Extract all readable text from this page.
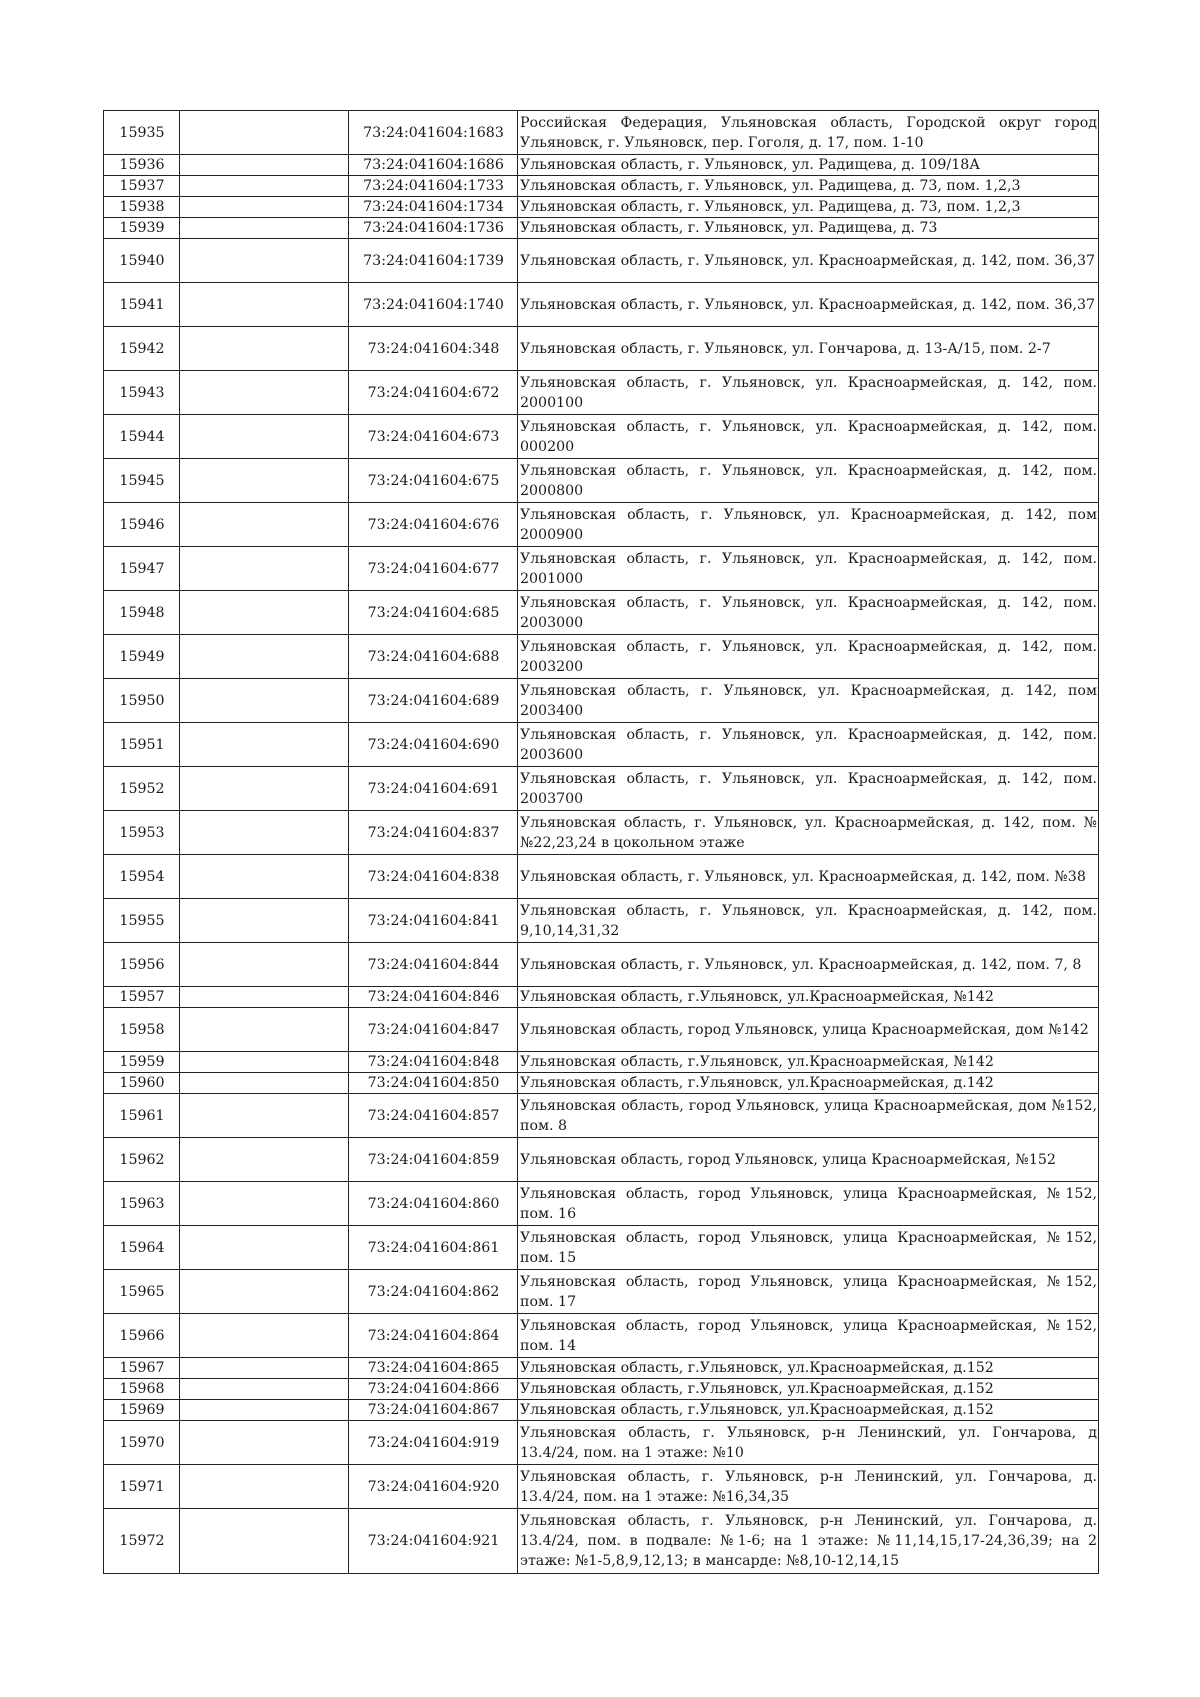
15935		73:24:041604:1683	Российская Федерация, Ульяновская область, Городской округ город Ульяновск, г. Ульяновск, пер. Гоголя, д. 17, пом. 1-10
15936		73:24:041604:1686	Ульяновская область, г. Ульяновск, ул. Радищева, д. 109/18А
15937		73:24:041604:1733	Ульяновская область, г. Ульяновск, ул. Радищева, д. 73, пом. 1,2,3
15938		73:24:041604:1734	Ульяновская область, г. Ульяновск, ул. Радищева, д. 73, пом. 1,2,3
15939		73:24:041604:1736	Ульяновская область, г. Ульяновск, ул. Радищева, д. 73
15940		73:24:041604:1739	Ульяновская область, г. Ульяновск, ул. Красноармейская, д. 142, пом. 36,37
15941		73:24:041604:1740	Ульяновская область, г. Ульяновск, ул. Красноармейская, д. 142, пом. 36,37
15942		73:24:041604:348	Ульяновская область, г. Ульяновск, ул. Гончарова, д. 13-А/15, пом. 2-7
15943		73:24:041604:672	Ульяновская область, г. Ульяновск, ул. Красноармейская, д. 142, пом. 2000100
15944		73:24:041604:673	Ульяновская область, г. Ульяновск, ул. Красноармейская, д. 142, пом. 000200
15945		73:24:041604:675	Ульяновская область, г. Ульяновск, ул. Красноармейская, д. 142, пом. 2000800
15946		73:24:041604:676	Ульяновская область, г. Ульяновск, ул. Красноармейская, д. 142, пом 2000900
15947		73:24:041604:677	Ульяновская область, г. Ульяновск, ул. Красноармейская, д. 142, пом. 2001000
15948		73:24:041604:685	Ульяновская область, г. Ульяновск, ул. Красноармейская, д. 142, пом. 2003000
15949		73:24:041604:688	Ульяновская область, г. Ульяновск, ул. Красноармейская, д. 142, пом. 2003200
15950		73:24:041604:689	Ульяновская область, г. Ульяновск, ул. Красноармейская, д. 142, пом 2003400
15951		73:24:041604:690	Ульяновская область, г. Ульяновск, ул. Красноармейская, д. 142, пом. 2003600
15952		73:24:041604:691	Ульяновская область, г. Ульяновск, ул. Красноармейская, д. 142, пом. 2003700
15953		73:24:041604:837	Ульяновская область, г. Ульяновск, ул. Красноармейская, д. 142, пом. №№22,23,24 в цокольном этаже
15954		73:24:041604:838	Ульяновская область, г. Ульяновск, ул. Красноармейская, д. 142, пом. №38
15955		73:24:041604:841	Ульяновская область, г. Ульяновск, ул. Красноармейская, д. 142, пом. 9,10,14,31,32
15956		73:24:041604:844	Ульяновская область, г. Ульяновск, ул. Красноармейская, д. 142, пом. 7, 8
15957		73:24:041604:846	Ульяновская область, г.Ульяновск, ул.Красноармейская, №142
15958		73:24:041604:847	Ульяновская область, город Ульяновск, улица Красноармейская, дом №142
15959		73:24:041604:848	Ульяновская область, г.Ульяновск, ул.Красноармейская, №142
15960		73:24:041604:850	Ульяновская область, г.Ульяновск, ул.Красноармейская, д.142
15961		73:24:041604:857	Ульяновская область, город Ульяновск, улица Красноармейская, дом №152, пом. 8
15962		73:24:041604:859	Ульяновская область, город Ульяновск, улица Красноармейская, №152
15963		73:24:041604:860	Ульяновская область, город Ульяновск, улица Красноармейская, №152, пом. 16
15964		73:24:041604:861	Ульяновская область, город Ульяновск, улица Красноармейская, №152, пом. 15
15965		73:24:041604:862	Ульяновская область, город Ульяновск, улица Красноармейская, №152, пом. 17
15966		73:24:041604:864	Ульяновская область, город Ульяновск, улица Красноармейская, №152, пом. 14
15967		73:24:041604:865	Ульяновская область, г.Ульяновск, ул.Красноармейская, д.152
15968		73:24:041604:866	Ульяновская область, г.Ульяновск, ул.Красноармейская, д.152
15969		73:24:041604:867	Ульяновская область, г.Ульяновск, ул.Красноармейская, д.152
15970		73:24:041604:919	Ульяновская область, г. Ульяновск, р-н Ленинский, ул. Гончарова, д 13.4/24, пом. на 1 этаже: №10
15971		73:24:041604:920	Ульяновская область, г. Ульяновск, р-н Ленинский, ул. Гончарова, д. 13.4/24, пом. на 1 этаже: №16,34,35
15972		73:24:041604:921	Ульяновская область, г. Ульяновск, р-н Ленинский, ул. Гончарова, д. 13.4/24, пом. в подвале: №1-6; на 1 этаже: №11,14,15,17-24,36,39; на 2 этаже: №1-5,8,9,12,13; в мансарде: №8,10-12,14,15
